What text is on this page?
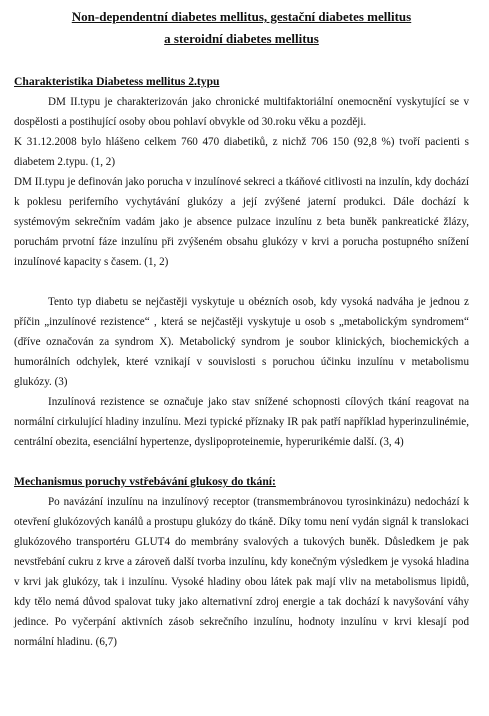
Non-dependentní diabetes mellitus, gestační diabetes mellitus
a steroidní diabetes mellitus
Charakteristika Diabetess mellitus 2.typu

DM II.typu je charakterizován jako chronické multifaktoriální onemocnění vyskytující se v dospělosti a postihující osoby obou pohlaví obvykle od 30.roku věku a později.

K 31.12.2008 bylo hlášeno celkem 760 470 diabetiků, z nichž 706 150 (92,8 %) tvoří pacienti s diabetem 2.typu. (1, 2)

DM II.typu je definován jako porucha v inzulínové sekreci a tkáňové citlivosti na inzulín, kdy dochází k poklesu periferního vychytávání glukózy a její zvýšené jaterní produkci. Dále dochází k systémovým sekrečním vadám jako je absence pulzace inzulínu z beta buněk pankreatické žlázy, poruchám prvotní fáze inzulínu při zvýšeném obsahu glukózy v krvi a porucha postupného snížení inzulínové kapacity s časem. (1, 2)

Tento typ diabetu se nejčastěji vyskytuje u obézních osob, kdy vysoká nadváha je jednou z příčin „inzulínové rezistence“ , která se nejčastěji vyskytuje u osob s „metabolickým syndromem“ (dříve označován za syndrom X). Metabolický syndrom je soubor klinických, biochemických a humorálních odchylek, které vznikají v souvislosti s poruchou účinku inzulínu v metabolismu glukózy. (3)

Inzulínová rezistence se označuje jako stav snížené schopnosti cílových tkání reagovat na normální cirkulující hladiny inzulínu. Mezi typické příznaky IR pak patří například hyperinzulinémie, centrální obezita, esenciální hypertenze, dyslipoproteinemie, hyperurikémie další. (3, 4)

Mechanismus poruchy vstřebávání glukosy do tkání:

Po navázání inzulínu na inzulínový receptor (transmembránovou tyrosinkinázu) nedochází k otevření glukózových kanálů a prostupu glukózy do tkáně. Díky tomu není vydán signál k translokaci glukózového transportéru GLUT4 do membrány svalových a tukových buněk. Důsledkem je pak nevstřebání cukru z krve a zároveň další tvorba inzulínu, kdy konečným výsledkem je vysoká hladina v krvi jak glukózy, tak i inzulínu. Vysoké hladiny obou látek pak mají vliv na metabolismus lipidů, kdy tělo nemá důvod spalovat tuky jako alternativní zdroj energie a tak dochází k navyšování váhy jedince. Po vyčerpání aktivních zásob sekrečního inzulínu, hodnoty inzulínu v krvi klesají pod normální hladinu. (6,7)
